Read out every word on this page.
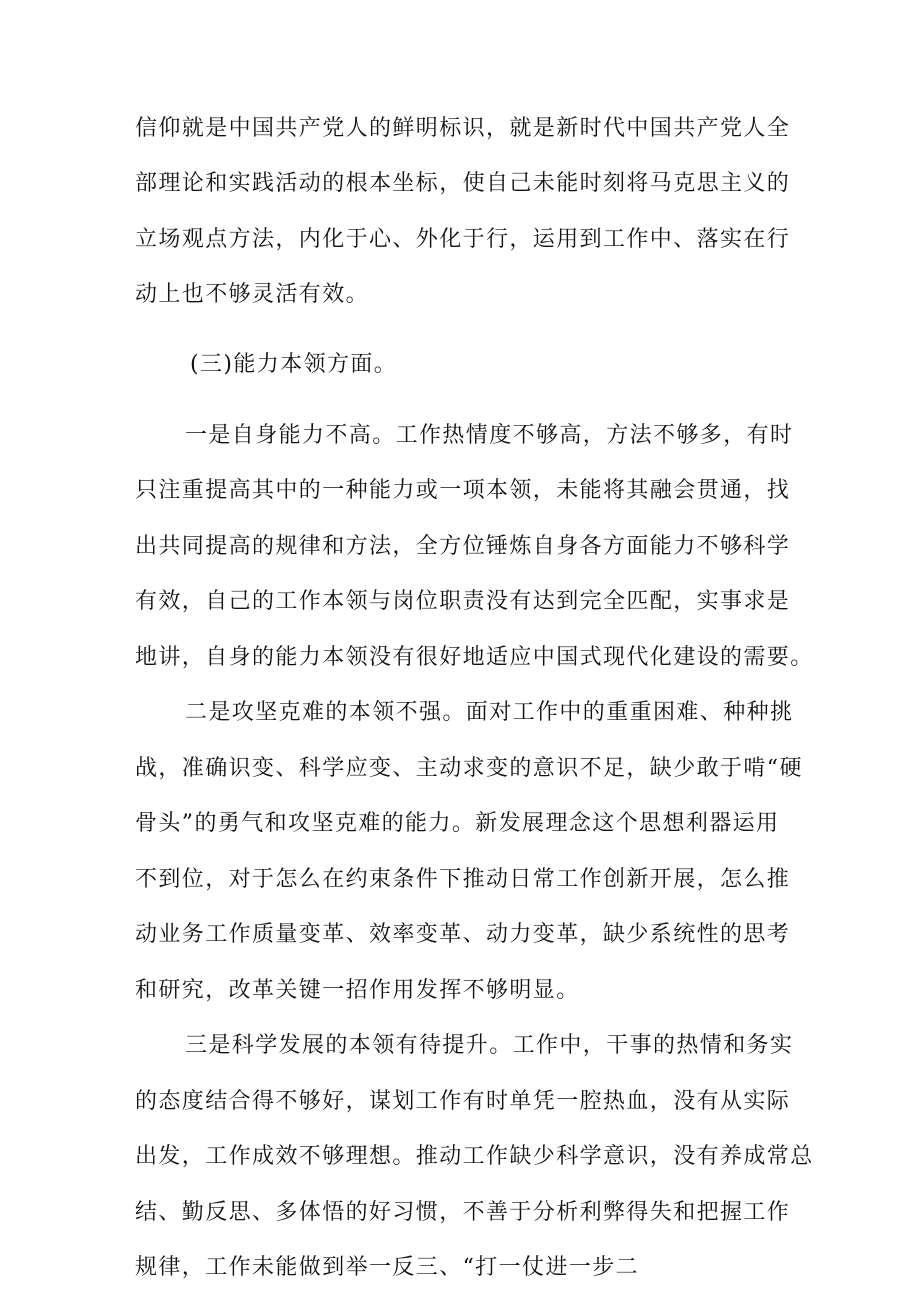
信仰就是中国共产党人的鲜明标识，就是新时代中国共产党人全
部理论和实践活动的根本坐标，使自己未能时刻将马克思主义的
立场观点方法，内化于心、外化于行，运用到工作中、落实在行
动上也不够灵活有效。
(三)能力本领方面。
一是自身能力不高。工作热情度不够高，方法不够多，有时
只注重提高其中的一种能力或一项本领，未能将其融会贯通，找
出共同提高的规律和方法，全方位锤炼自身各方面能力不够科学
有效，自己的工作本领与岗位职责没有达到完全匹配，实事求是
地讲，自身的能力本领没有很好地适应中国式现代化建设的需要。
二是攻坚克难的本领不强。面对工作中的重重困难、种种挑
战，准确识变、科学应变、主动求变的意识不足，缺少敢于啃“硬
骨头”的勇气和攻坚克难的能力。新发展理念这个思想利器运用
不到位，对于怎么在约束条件下推动日常工作创新开展，怎么推
动业务工作质量变革、效率变革、动力变革，缺少系统性的思考
和研究，改革关键一招作用发挥不够明显。
三是科学发展的本领有待提升。工作中，干事的热情和务实
的态度结合得不够好，谋划工作有时单凭一腔热血，没有从实际
出发，工作成效不够理想。推动工作缺少科学意识，没有养成常总
结、勤反思、多体悟的好习惯，不善于分析利弊得失和把握工作
规律，工作未能做到举一反三、“打一仗进一步二
